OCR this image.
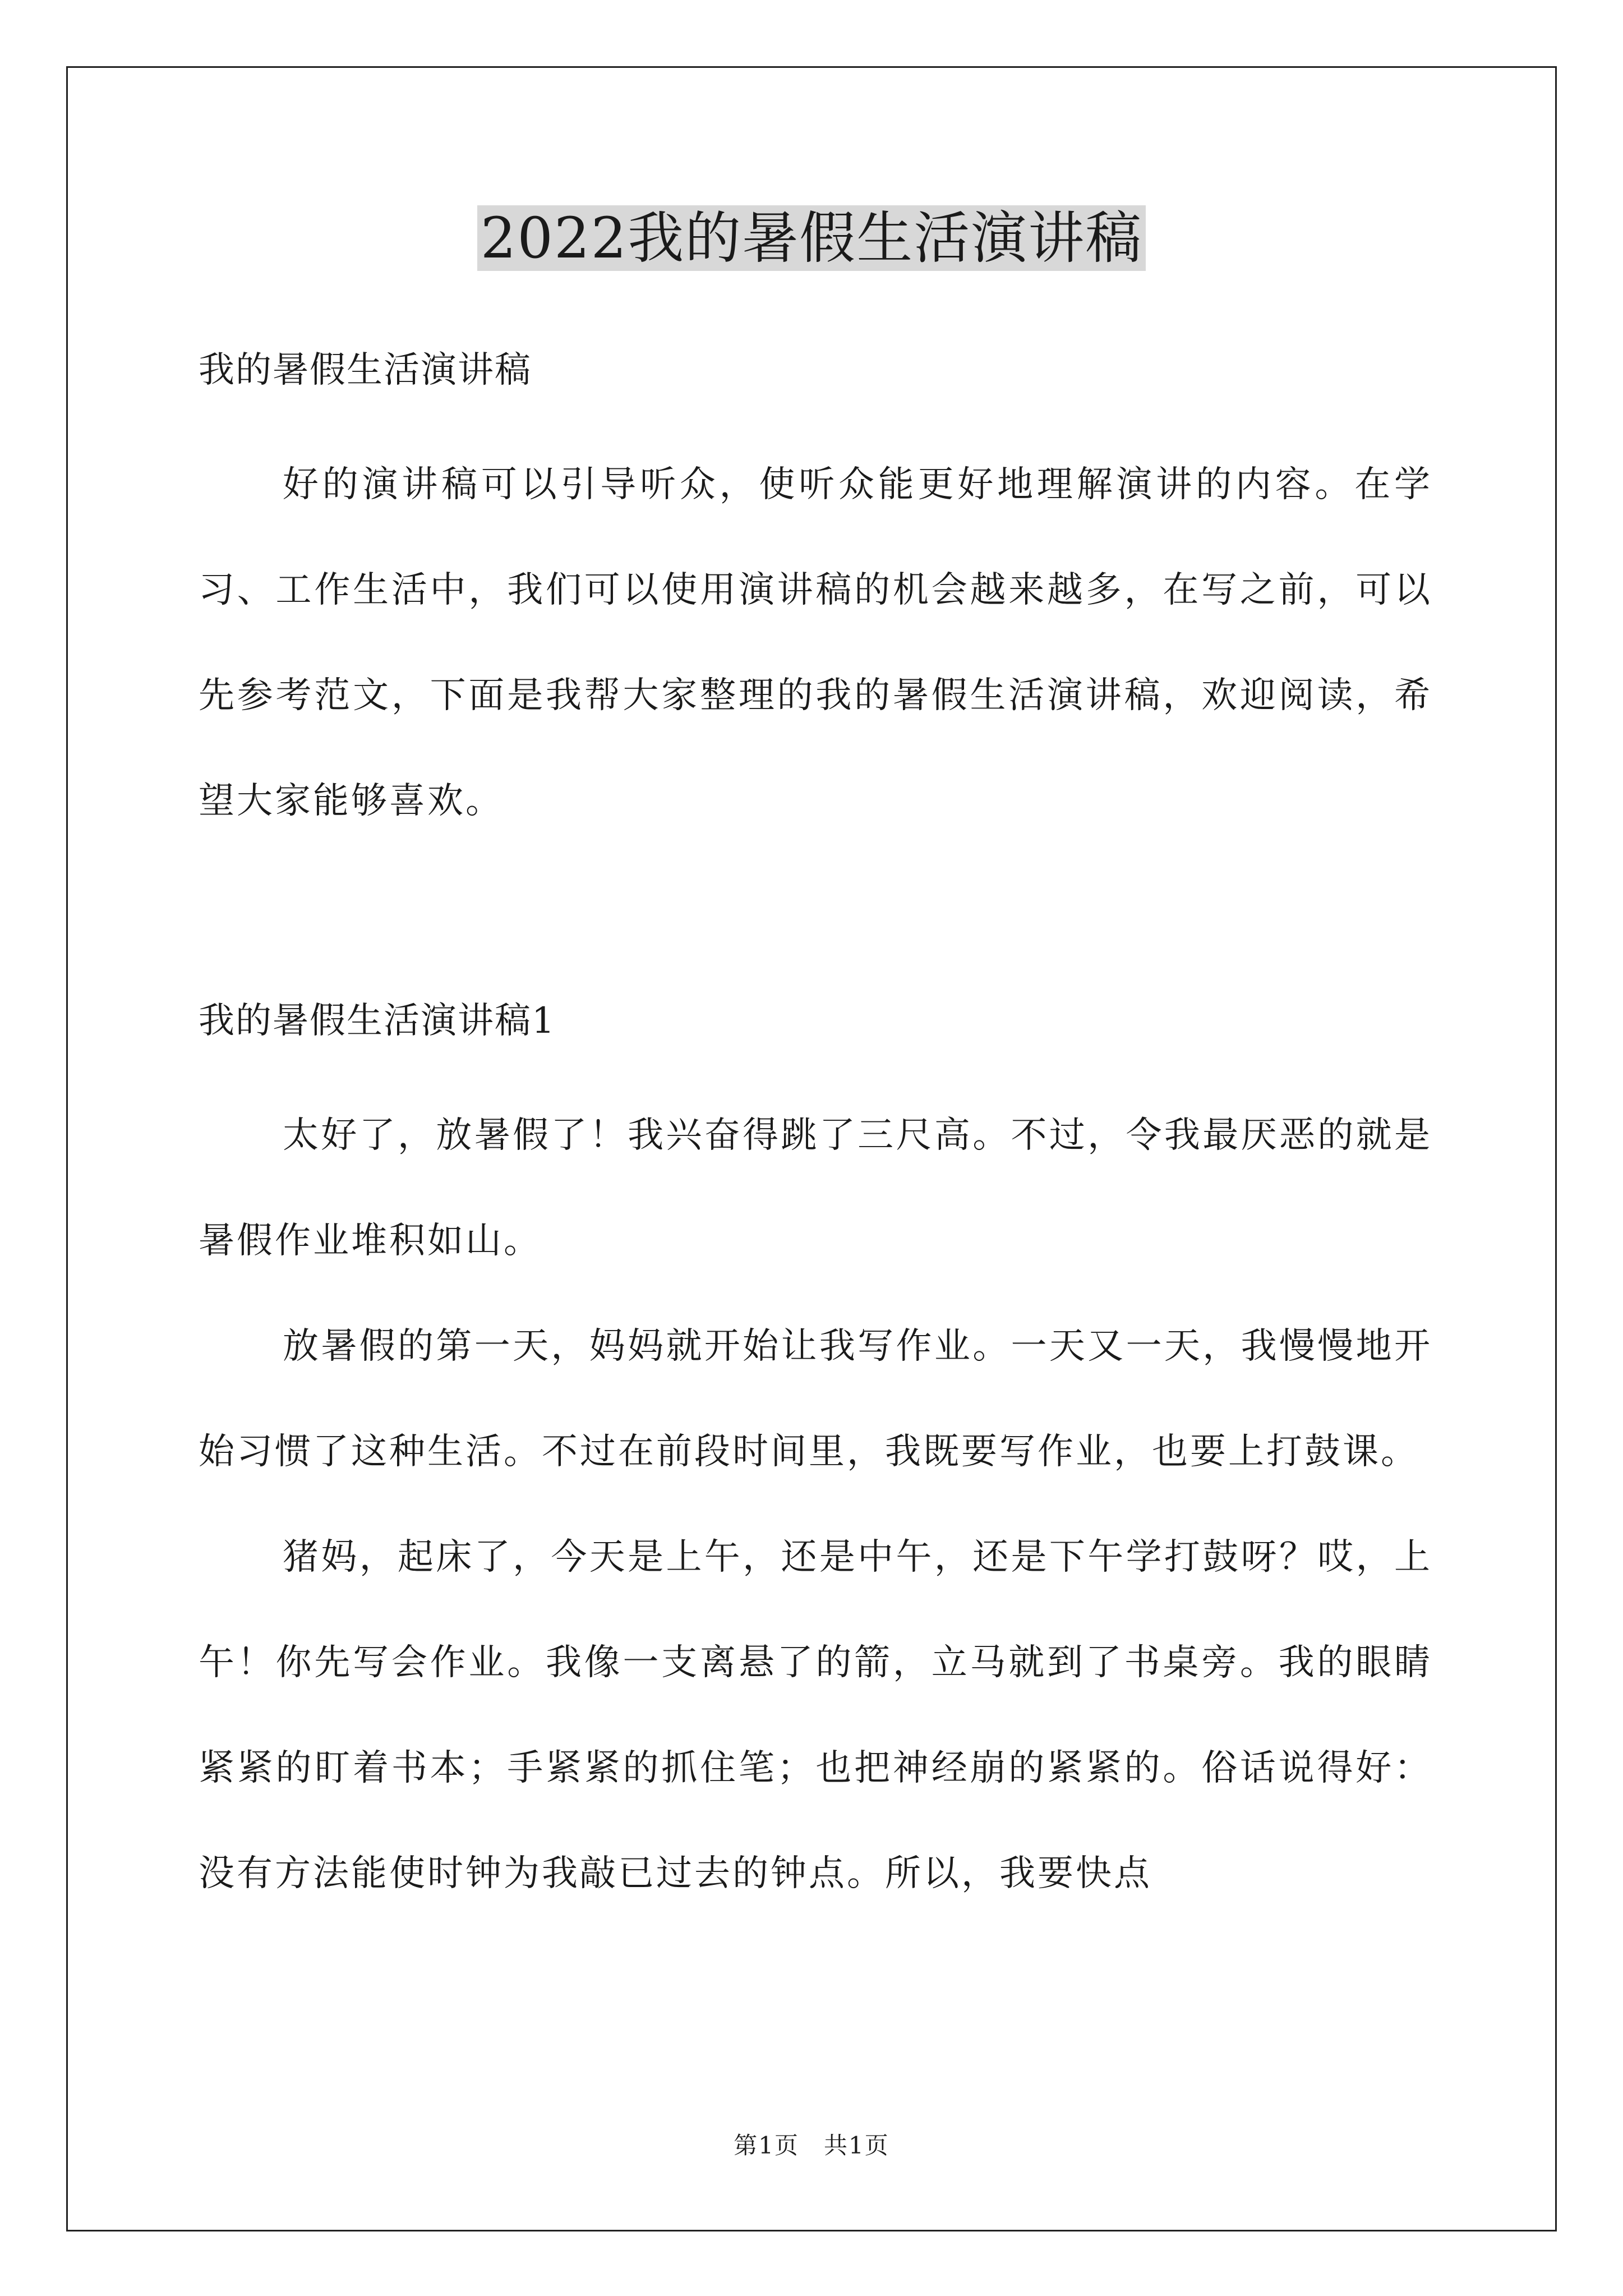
2022我的暑假生活演讲稿
我的暑假生活演讲稿

好的演讲稿可以引导听众，使听众能更好地理解演讲的内容。在学习、工作生活中，我们可以使用演讲稿的机会越来越多，在写之前，可以先参考范文，下面是我帮大家整理的我的暑假生活演讲稿，欢迎阅读，希望大家能够喜欢。

我的暑假生活演讲稿1

太好了，放暑假了！我兴奋得跳了三尺高。不过，令我最厌恶的就是暑假作业堆积如山。

放暑假的第一天，妈妈就开始让我写作业。一天又一天，我慢慢地开始习惯了这种生活。不过在前段时间里，我既要写作业，也要上打鼓课。

猪妈，起床了，今天是上午，还是中午，还是下午学打鼓呀？哎，上午！你先写会作业。我像一支离悬了的箭，立马就到了书桌旁。我的眼睛紧紧的盯着书本；手紧紧的抓住笔；也把神经崩的紧紧的。俗话说得好：没有方法能使时钟为我敲已过去的钟点。所以，我要快点

第1页　共1页
